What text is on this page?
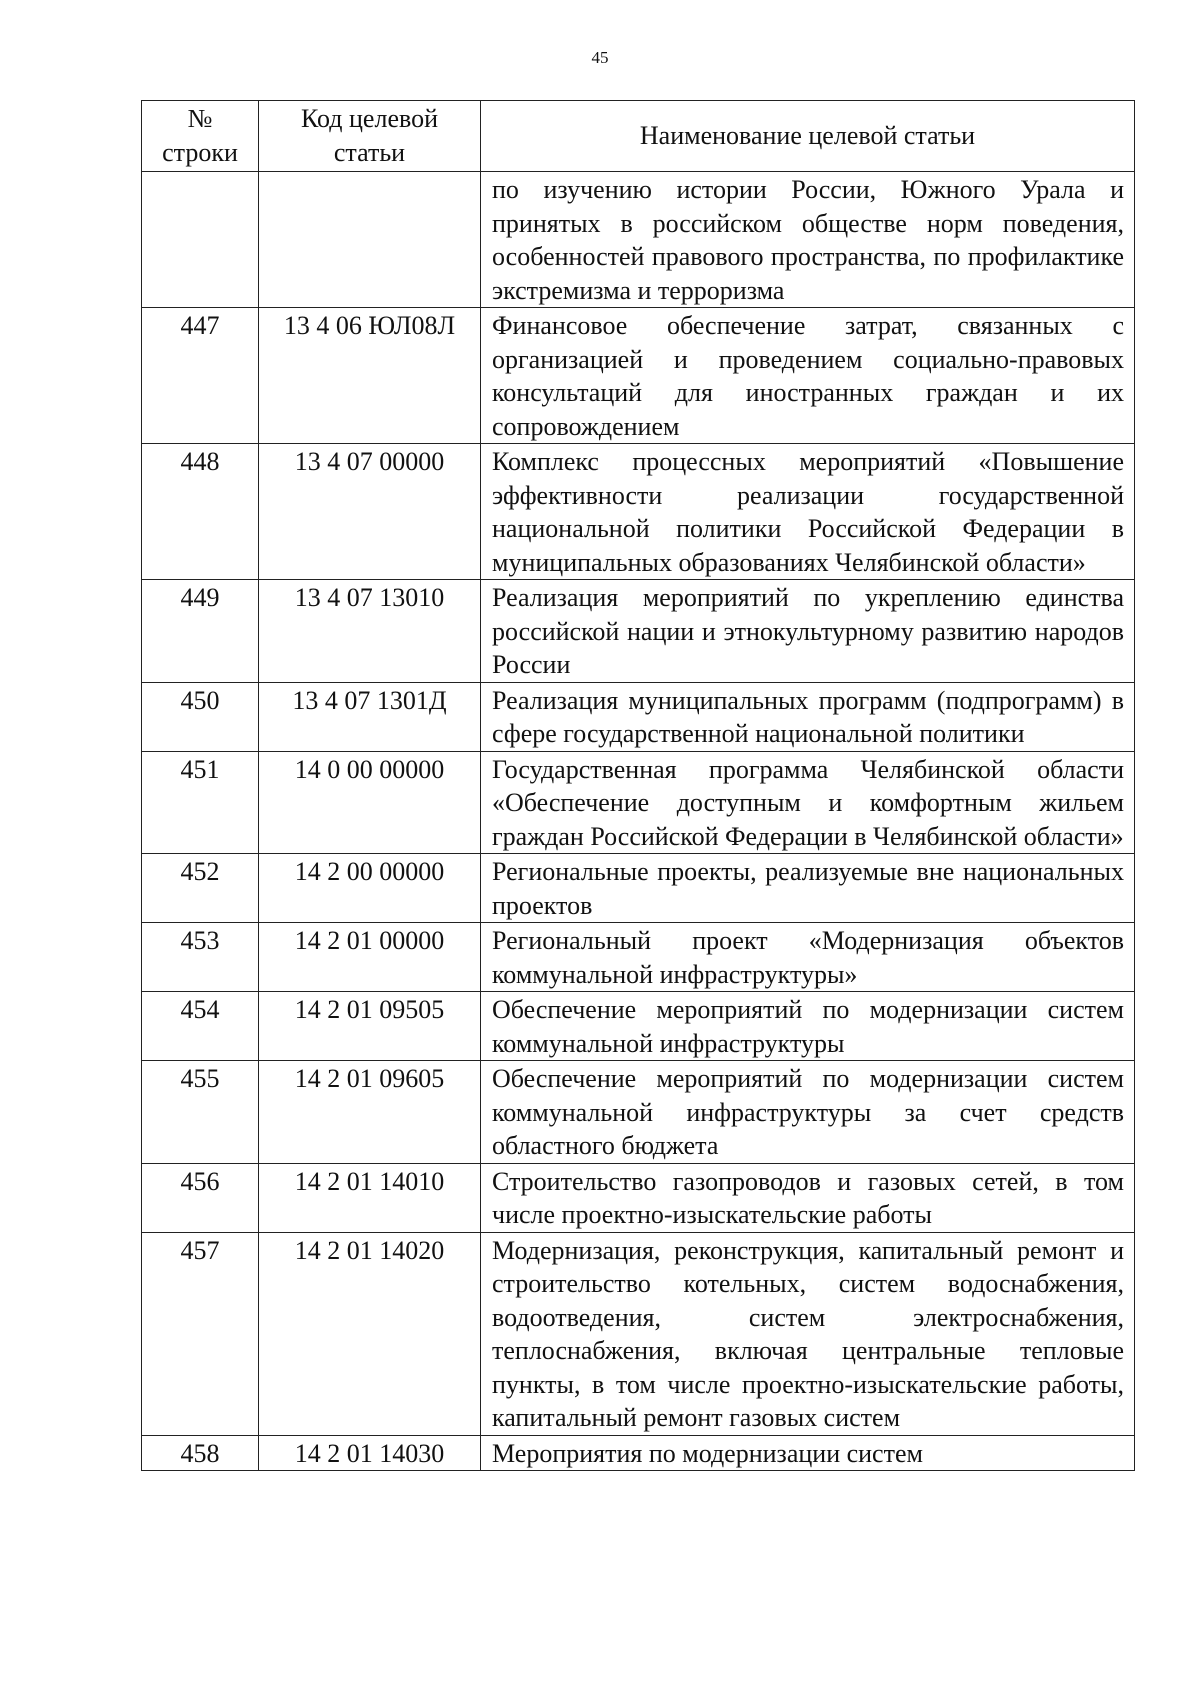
45
№ строки	Код целевой статьи	Наименование целевой статьи
		по изучению истории России, Южного Урала и принятых в российском обществе норм поведения, особенностей правового пространства, по профилактике экстремизма и терроризма
447	13 4 06 ЮЛ08Л	Финансовое обеспечение затрат, связанных с организацией и проведением социально-правовых консультаций для иностранных граждан и их сопровождением
448	13 4 07 00000	Комплекс процессных мероприятий «Повышение эффективности реализации государственной национальной политики Российской Федерации в муниципальных образованиях Челябинской области»
449	13 4 07 13010	Реализация мероприятий по укреплению единства российской нации и этнокультурному развитию народов России
450	13 4 07 1301Д	Реализация муниципальных программ (подпрограмм) в сфере государственной национальной политики
451	14 0 00 00000	Государственная программа Челябинской области «Обеспечение доступным и комфортным жильем граждан Российской Федерации в Челябинской области»
452	14 2 00 00000	Региональные проекты, реализуемые вне национальных проектов
453	14 2 01 00000	Региональный проект «Модернизация объектов коммунальной инфраструктуры»
454	14 2 01 09505	Обеспечение мероприятий по модернизации систем коммунальной инфраструктуры
455	14 2 01 09605	Обеспечение мероприятий по модернизации систем коммунальной инфраструктуры за счет средств областного бюджета
456	14 2 01 14010	Строительство газопроводов и газовых сетей, в том числе проектно-изыскательские работы
457	14 2 01 14020	Модернизация, реконструкция, капитальный ремонт и строительство котельных, систем водоснабжения, водоотведения, систем электроснабжения, теплоснабжения, включая центральные тепловые пункты, в том числе проектно-изыскательские работы, капитальный ремонт газовых систем
458	14 2 01 14030	Мероприятия по модернизации систем
